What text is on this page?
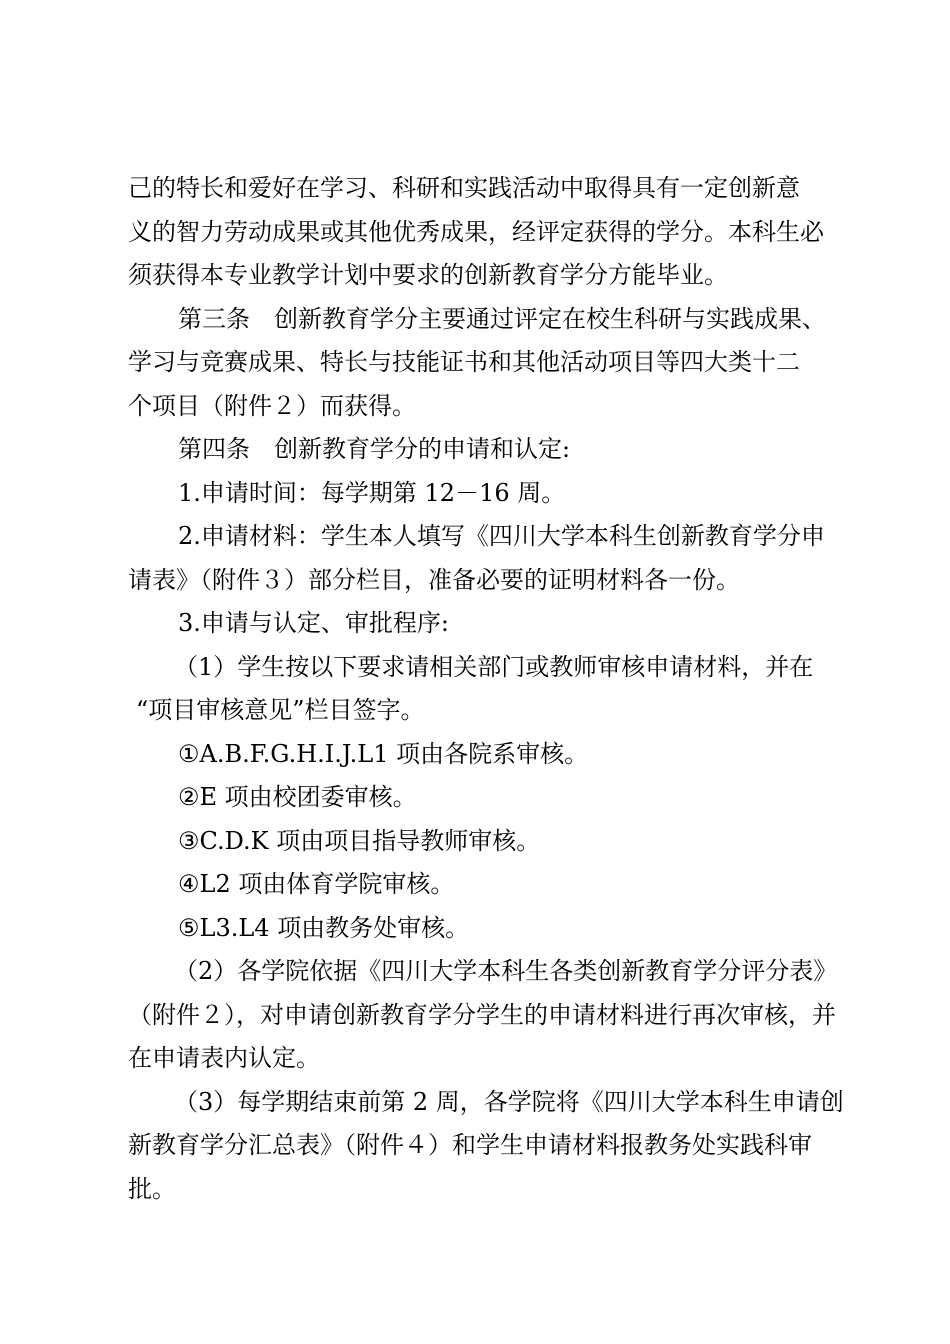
己的特长和爱好在学习、科研和实践活动中取得具有一定创新意
义的智力劳动成果或其他优秀成果，经评定获得的学分。本科生必
须获得本专业教学计划中要求的创新教育学分方能毕业。
第三条　创新教育学分主要通过评定在校生科研与实践成果、
学习与竞赛成果、特长与技能证书和其他活动项目等四大类十二
个项目（附件２）而获得。
第四条　创新教育学分的申请和认定:
1.申请时间：每学期第 12－16 周。
2.申请材料：学生本人填写《四川大学本科生创新教育学分申
请表》（附件３）部分栏目，准备必要的证明材料各一份。
3.申请与认定、审批程序:
（1）学生按以下要求请相关部门或教师审核申请材料，并在
“项目审核意见”栏目签字。
①A.B.F.G.H.I.J.L1 项由各院系审核。
②E 项由校团委审核。
③C.D.K 项由项目指导教师审核。
④L2 项由体育学院审核。
⑤L3.L4 项由教务处审核。
（2）各学院依据《四川大学本科生各类创新教育学分评分表》
（附件２），对申请创新教育学分学生的申请材料进行再次审核，并
在申请表内认定。
（3）每学期结束前第 2 周，各学院将《四川大学本科生申请创
新教育学分汇总表》（附件４）和学生申请材料报教务处实践科审
批。
